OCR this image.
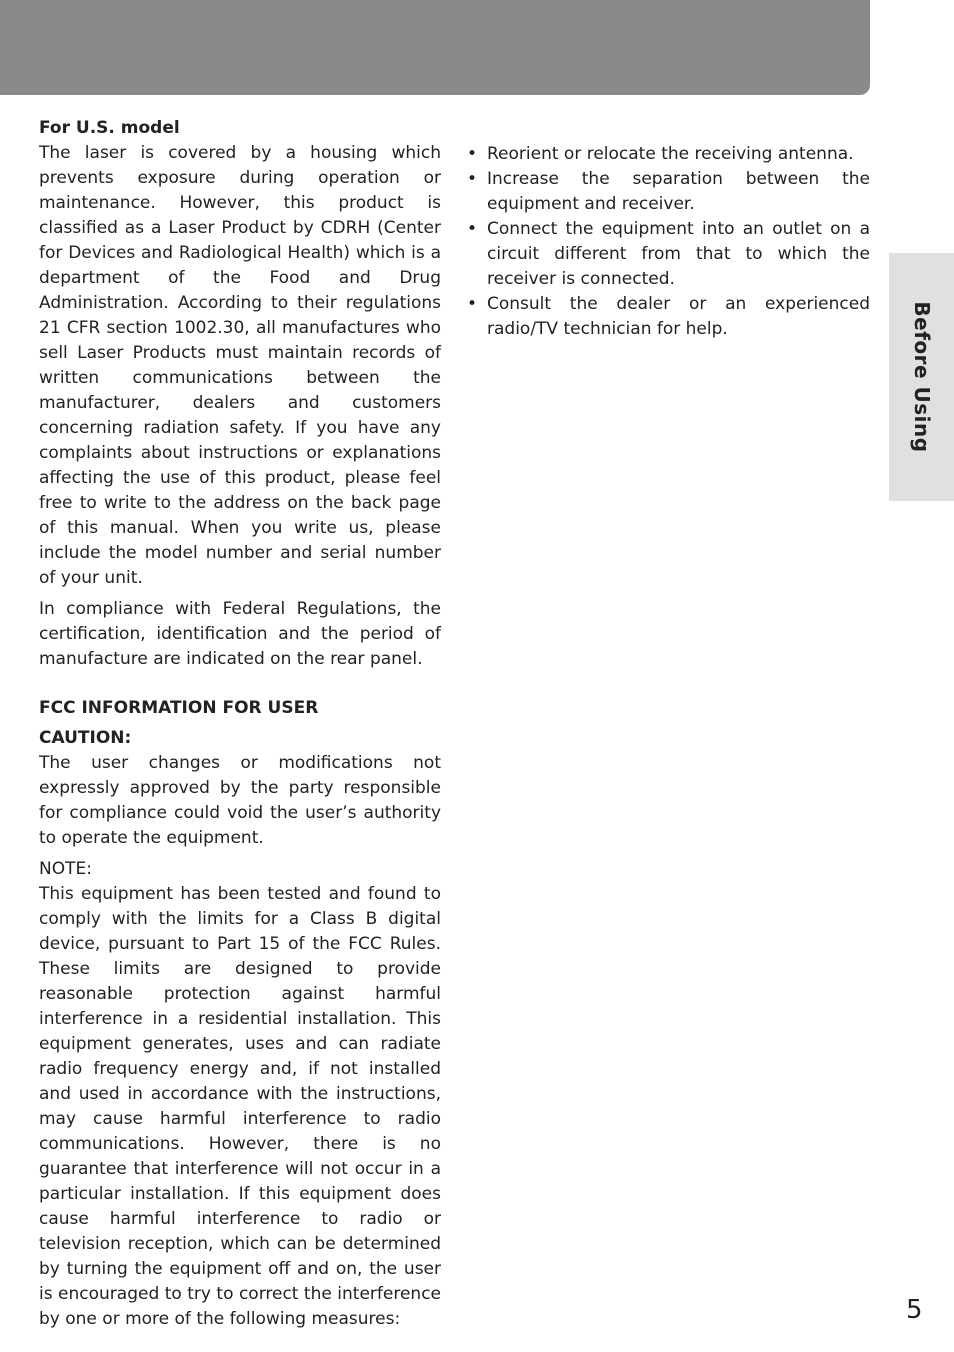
Before Using

For U.S. model

The laser is covered by a housing which prevents exposure during operation or maintenance. However, this product is classified as a Laser Product by CDRH (Center for Devices and Radiological Health) which is a department of the Food and Drug Administration. According to their regulations 21 CFR section 1002.30, all manufactures who sell Laser Products must maintain records of written communications between the manufacturer, dealers and customers concerning radiation safety. If you have any complaints about instructions or explanations affecting the use of this product, please feel free to write to the address on the back page of this manual. When you write us, please include the model number and serial number of your unit.

In compliance with Federal Regulations, the certification, identification and the period of manufacture are indicated on the rear panel.

FCC INFORMATION FOR USER

CAUTION:

The user changes or modifications not expressly approved by the party responsible for compliance could void the user’s authority to operate the equipment.

NOTE:

This equipment has been tested and found to comply with the limits for a Class B digital device, pursuant to Part 15 of the FCC Rules. These limits are designed to provide reasonable protection against harmful interference in a residential installation. This equipment generates, uses and can radiate radio frequency energy and, if not installed and used in accordance with the instructions, may cause harmful interference to radio communications. However, there is no guarantee that interference will not occur in a particular installation. If this equipment does cause harmful interference to radio or television reception, which can be determined by turning the equipment off and on, the user is encouraged to try to correct the interference by one or more of the following measures:

• Reorient or relocate the receiving antenna.
• Increase the separation between the equipment and receiver.
• Connect the equipment into an outlet on a circuit different from that to which the receiver is connected.
• Consult the dealer or an experienced radio/TV technician for help.
5
